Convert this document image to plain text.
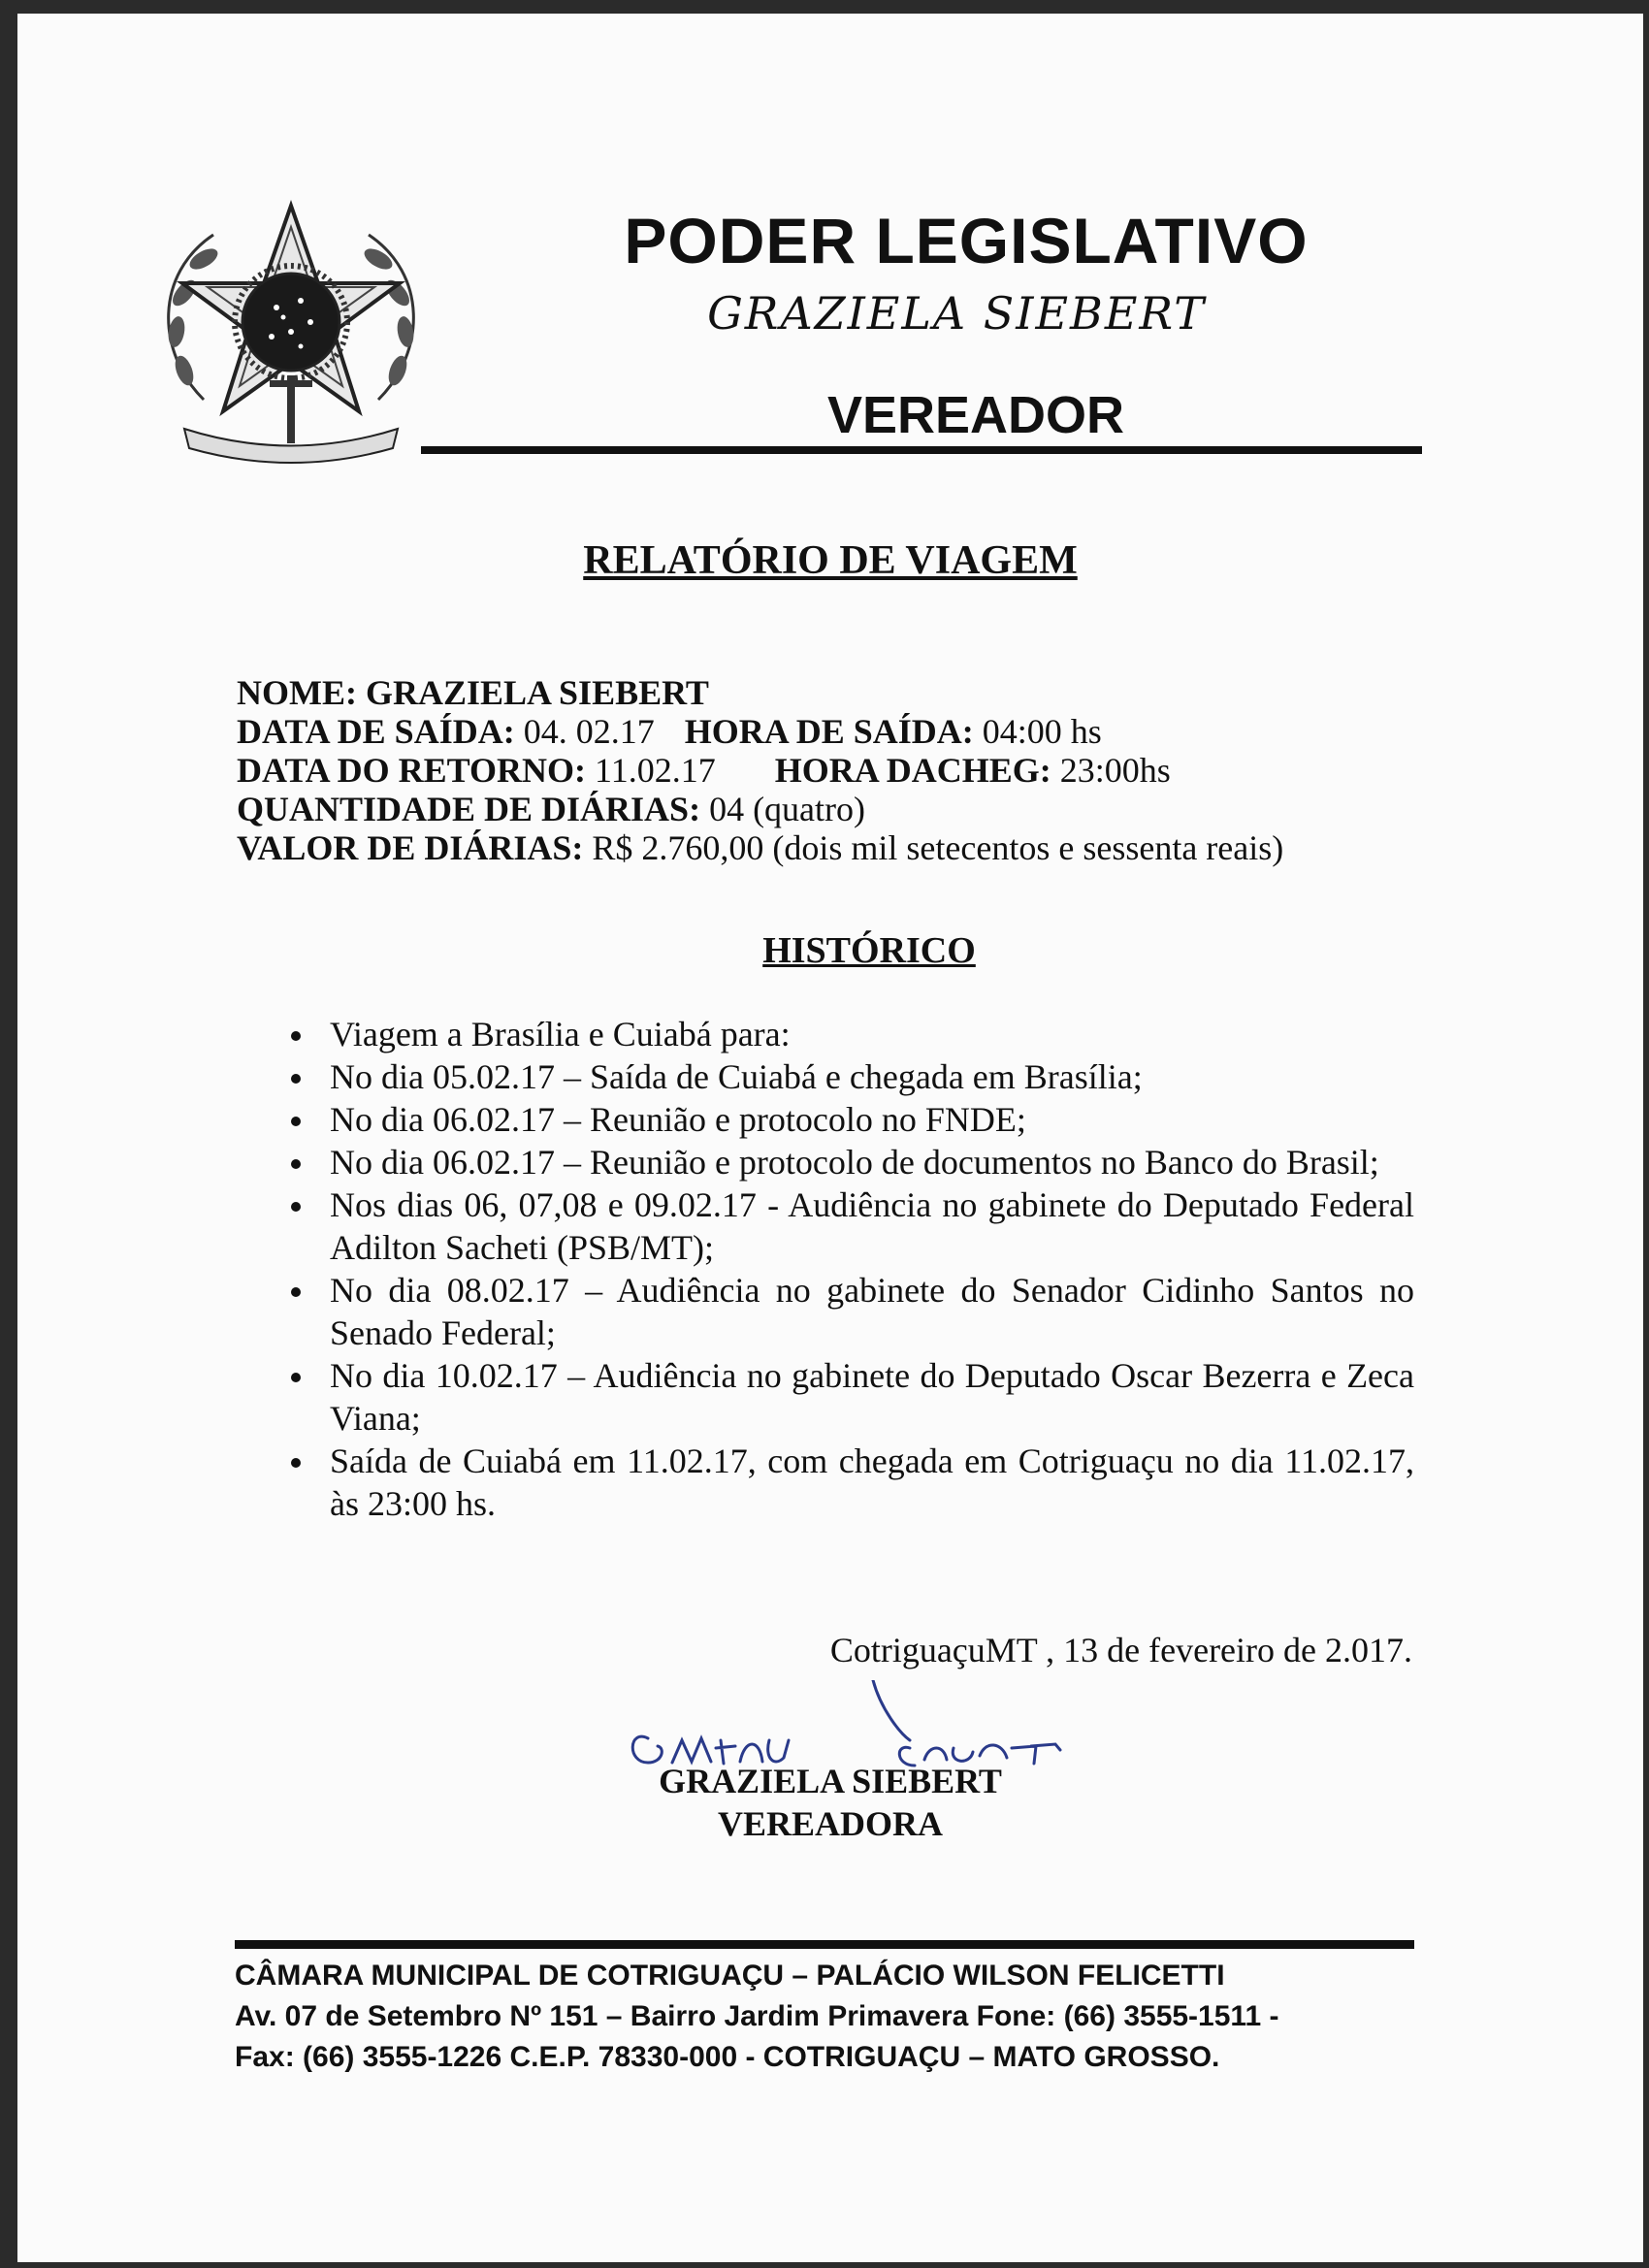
PODER LEGISLATIVO
GRAZIELA SIEBERT
VEREADOR
RELATÓRIO DE VIAGEM
NOME: GRAZIELA SIEBERT
DATA DE SAÍDA: 04. 02.17 HORA DE SAÍDA: 04:00 hs
DATA DO RETORNO: 11.02.17 HORA DACHEG: 23:00hs
QUANTIDADE DE DIÁRIAS: 04 (quatro)
VALOR DE DIÁRIAS: R$ 2.760,00 (dois mil setecentos e sessenta reais)
HISTÓRICO
Viagem a Brasília e Cuiabá para:
No dia 05.02.17 – Saída de Cuiabá e chegada em Brasília;
No dia 06.02.17 – Reunião e protocolo no FNDE;
No dia 06.02.17 – Reunião e protocolo de documentos no Banco do Brasil;
Nos dias 06, 07,08 e 09.02.17 - Audiência no gabinete do Deputado Federal Adilton Sacheti (PSB/MT);
No dia 08.02.17 – Audiência no gabinete do Senador Cidinho Santos no Senado Federal;
No dia 10.02.17 – Audiência no gabinete do Deputado Oscar Bezerra e Zeca Viana;
Saída de Cuiabá em 11.02.17, com chegada em Cotriguaçu no dia 11.02.17, às 23:00 hs.
CotriguaçuMT , 13 de fevereiro de 2.017.
GRAZIELA SIEBERT
VEREADORA
CÂMARA MUNICIPAL DE COTRIGUAÇU – PALÁCIO WILSON FELICETTI
Av. 07 de Setembro Nº 151 – Bairro Jardim Primavera Fone: (66) 3555-1511 -
Fax: (66) 3555-1226 C.E.P. 78330-000 - COTRIGUAÇU – MATO GROSSO.
